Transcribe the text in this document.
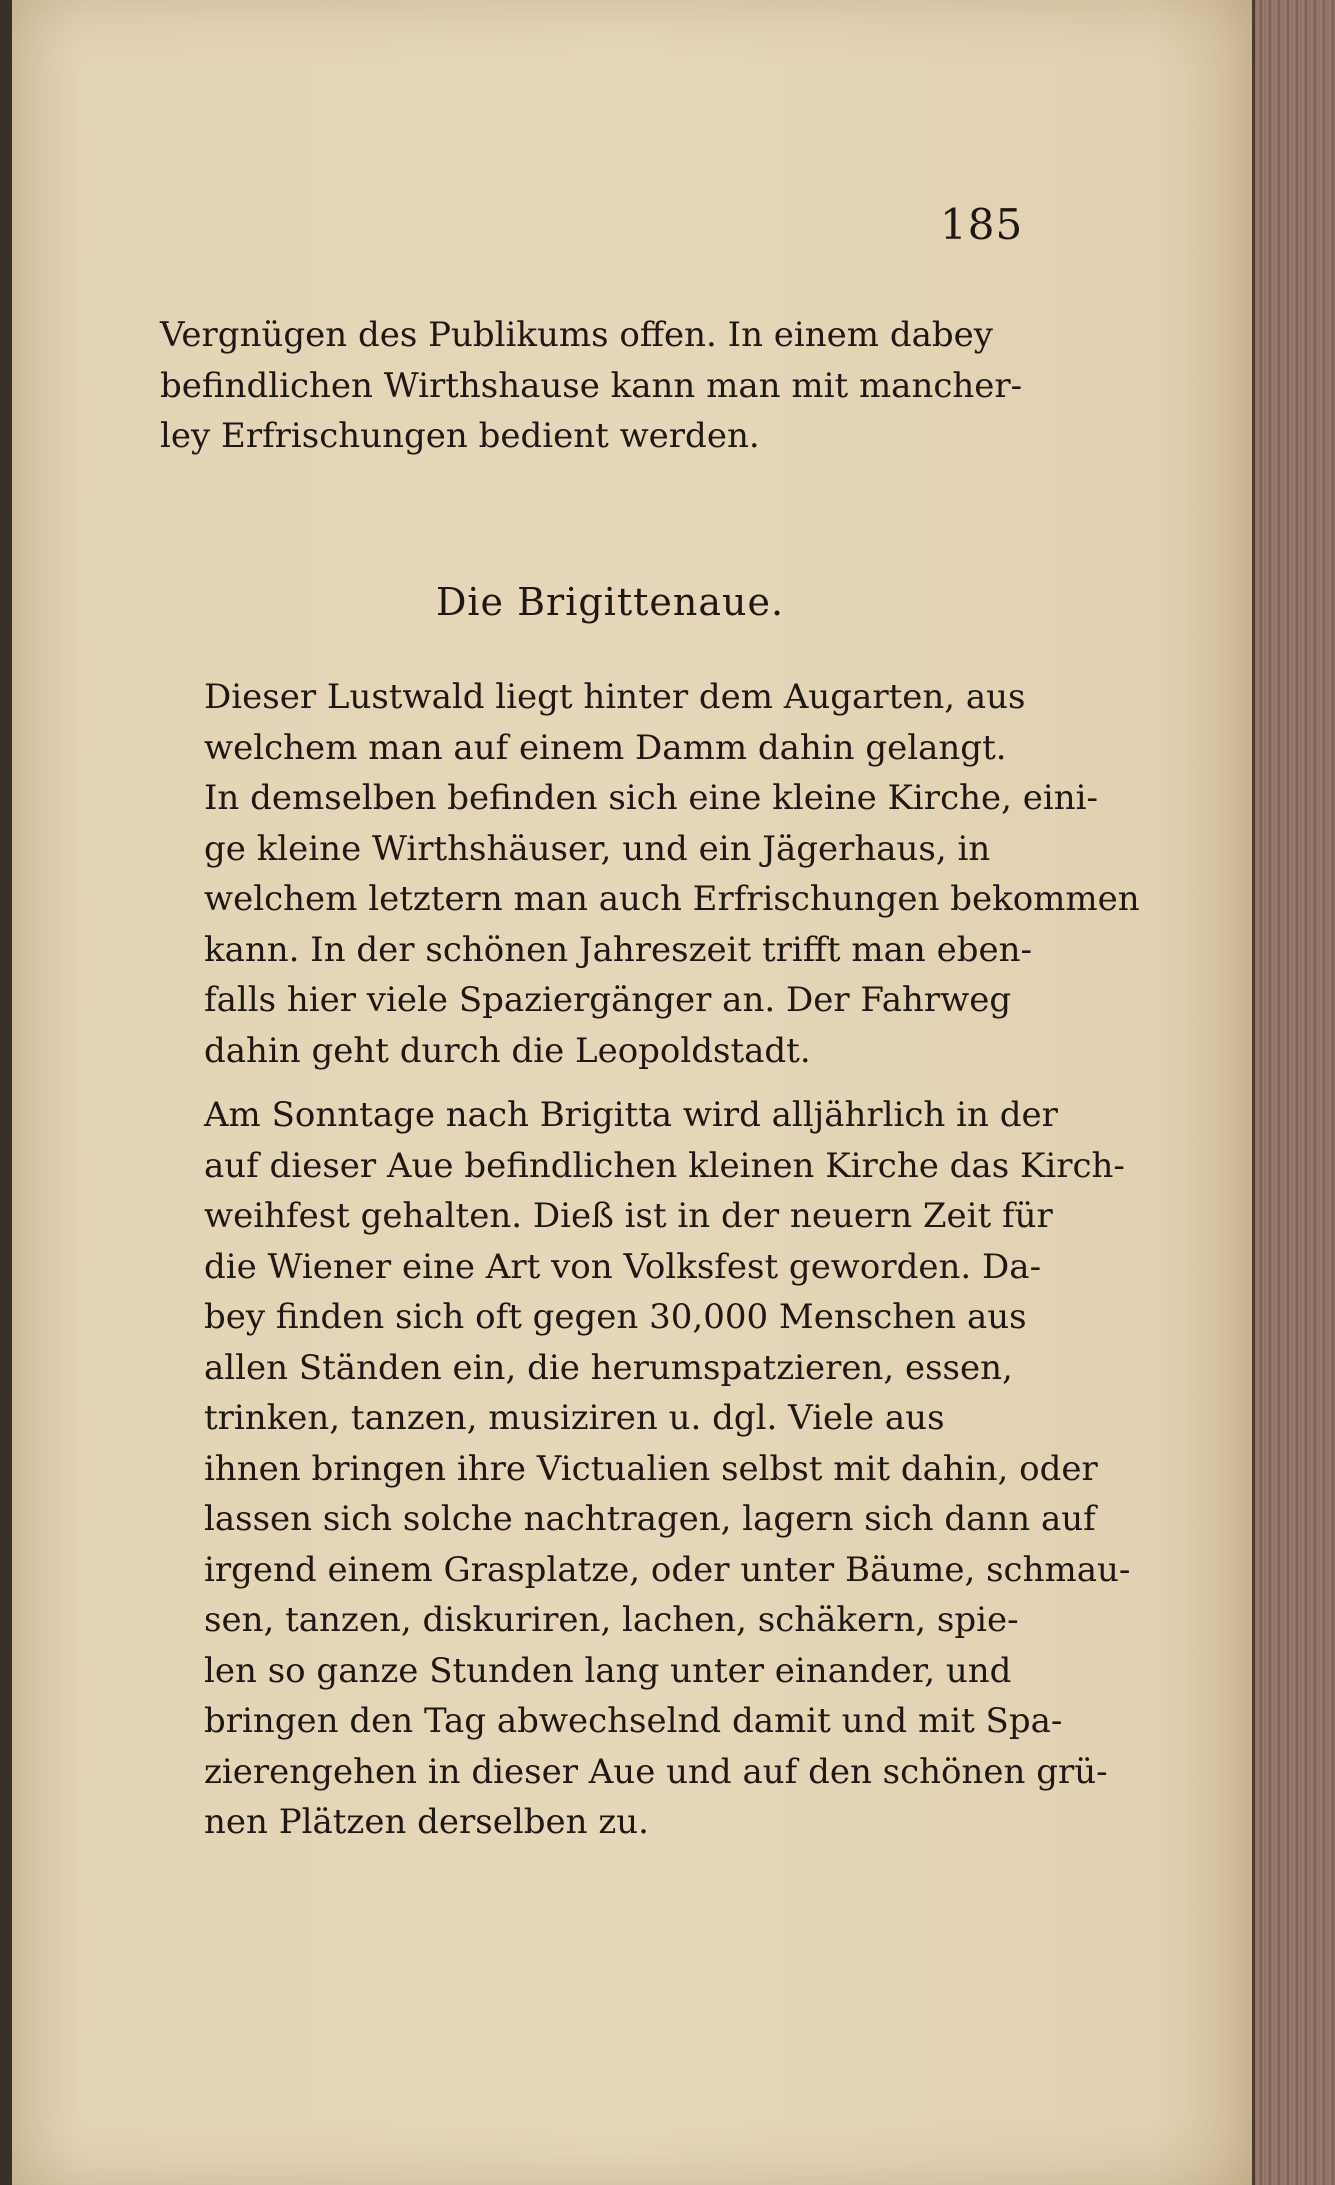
185
Vergnügen des Publikums offen. In einem dabey
befindlichen Wirthshause kann man mit mancher-
ley Erfrischungen bedient werden.
Die Brigittenaue.
Dieser Lustwald liegt hinter dem Augarten, aus
welchem man auf einem Damm dahin gelangt.
In demselben befinden sich eine kleine Kirche, eini-
ge kleine Wirthshäuser, und ein Jägerhaus, in
welchem letztern man auch Erfrischungen bekommen
kann. In der schönen Jahreszeit trifft man eben-
falls hier viele Spaziergänger an. Der Fahrweg
dahin geht durch die Leopoldstadt.
Am Sonntage nach Brigitta wird alljährlich in der
auf dieser Aue befindlichen kleinen Kirche das Kirch-
weihfest gehalten. Dieß ist in der neuern Zeit für
die Wiener eine Art von Volksfest geworden. Da-
bey finden sich oft gegen 30,000 Menschen aus
allen Ständen ein, die herumspatzieren, essen,
trinken, tanzen, musiziren u. dgl. Viele aus
ihnen bringen ihre Victualien selbst mit dahin, oder
lassen sich solche nachtragen, lagern sich dann auf
irgend einem Grasplatze, oder unter Bäume, schmau-
sen, tanzen, diskuriren, lachen, schäkern, spie-
len so ganze Stunden lang unter einander, und
bringen den Tag abwechselnd damit und mit Spa-
zierengehen in dieser Aue und auf den schönen grü-
nen Plätzen derselben zu.
